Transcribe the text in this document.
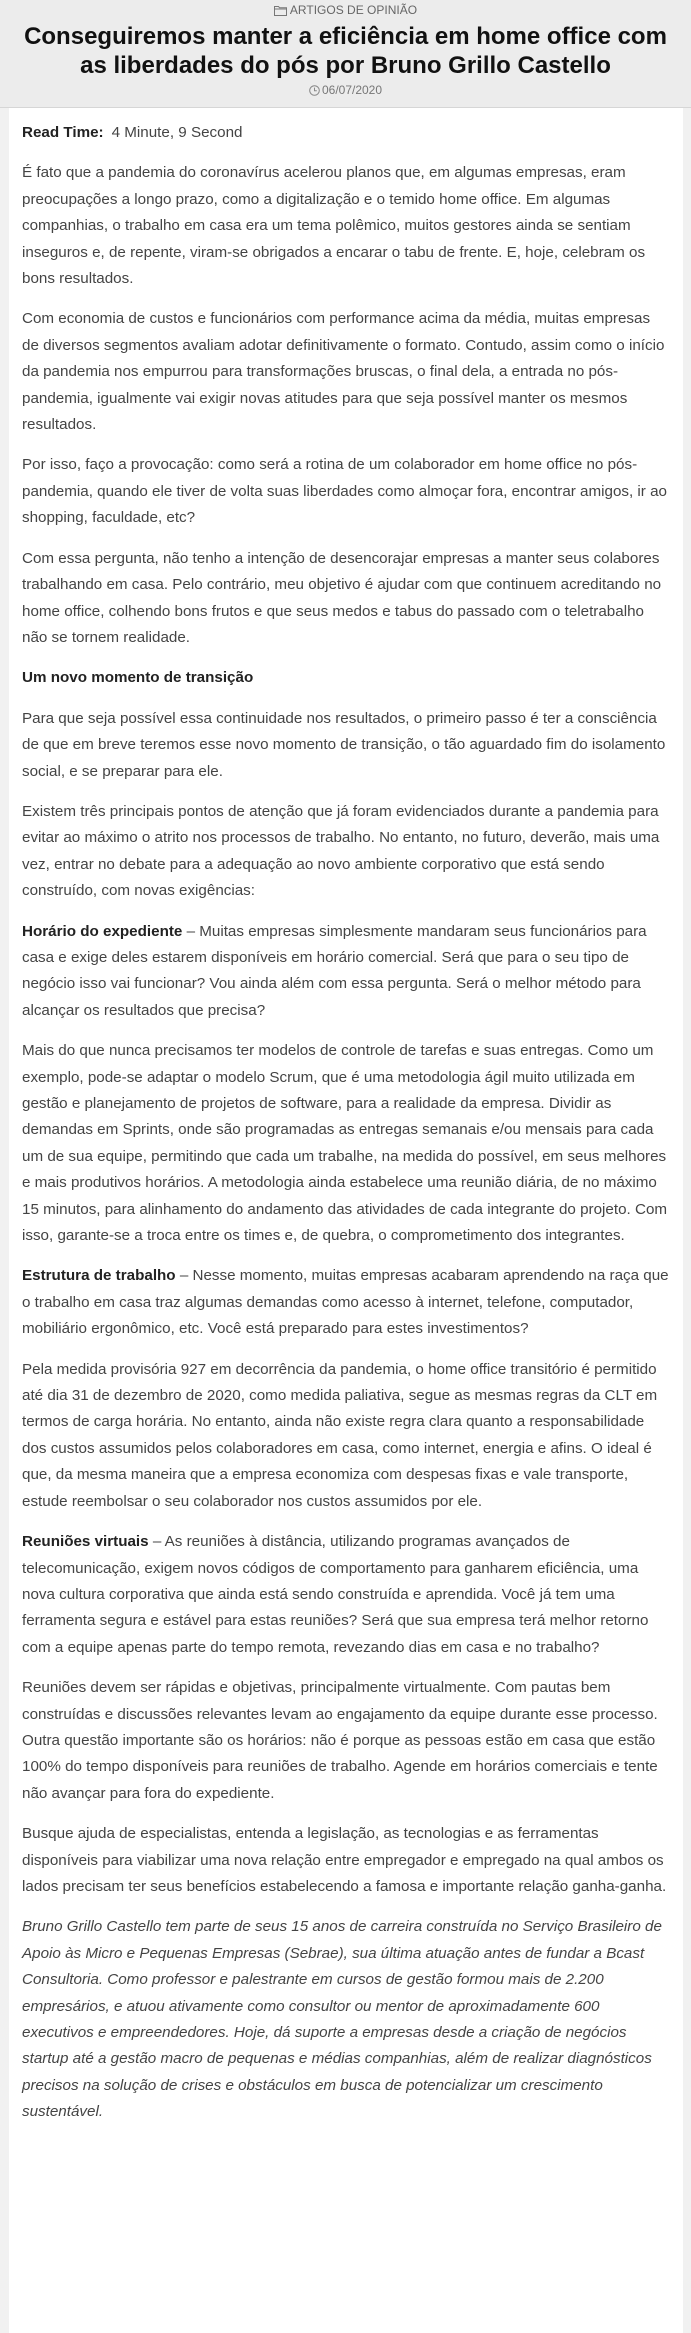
ARTIGOS DE OPINIÃO
Conseguiremos manter a eficiência em home office com as liberdades do pós por Bruno Grillo Castello
06/07/2020

Read Time: 4 Minute, 9 Second

É fato que a pandemia do coronavírus acelerou planos que, em algumas empresas, eram preocupações a longo prazo, como a digitalização e o temido home office. Em algumas companhias, o trabalho em casa era um tema polêmico, muitos gestores ainda se sentiam inseguros e, de repente, viram-se obrigados a encarar o tabu de frente. E, hoje, celebram os bons resultados.

Com economia de custos e funcionários com performance acima da média, muitas empresas de diversos segmentos avaliam adotar definitivamente o formato. Contudo, assim como o início da pandemia nos empurrou para transformações bruscas, o final dela, a entrada no pós-pandemia, igualmente vai exigir novas atitudes para que seja possível manter os mesmos resultados.

Por isso, faço a provocação: como será a rotina de um colaborador em home office no pós-pandemia, quando ele tiver de volta suas liberdades como almoçar fora, encontrar amigos, ir ao shopping, faculdade, etc?

Com essa pergunta, não tenho a intenção de desencorajar empresas a manter seus colabores trabalhando em casa. Pelo contrário, meu objetivo é ajudar com que continuem acreditando no home office, colhendo bons frutos e que seus medos e tabus do passado com o teletrabalho não se tornem realidade.

Um novo momento de transição

Para que seja possível essa continuidade nos resultados, o primeiro passo é ter a consciência de que em breve teremos esse novo momento de transição, o tão aguardado fim do isolamento social, e se preparar para ele.

Existem três principais pontos de atenção que já foram evidenciados durante a pandemia para evitar ao máximo o atrito nos processos de trabalho. No entanto, no futuro, deverão, mais uma vez, entrar no debate para a adequação ao novo ambiente corporativo que está sendo construído, com novas exigências:

Horário do expediente – Muitas empresas simplesmente mandaram seus funcionários para casa e exige deles estarem disponíveis em horário comercial. Será que para o seu tipo de negócio isso vai funcionar? Vou ainda além com essa pergunta. Será o melhor método para alcançar os resultados que precisa?

Mais do que nunca precisamos ter modelos de controle de tarefas e suas entregas. Como um exemplo, pode-se adaptar o modelo Scrum, que é uma metodologia ágil muito utilizada em gestão e planejamento de projetos de software, para a realidade da empresa. Dividir as demandas em Sprints, onde são programadas as entregas semanais e/ou mensais para cada um de sua equipe, permitindo que cada um trabalhe, na medida do possível, em seus melhores e mais produtivos horários. A metodologia ainda estabelece uma reunião diária, de no máximo 15 minutos, para alinhamento do andamento das atividades de cada integrante do projeto. Com isso, garante-se a troca entre os times e, de quebra, o comprometimento dos integrantes.

Estrutura de trabalho – Nesse momento, muitas empresas acabaram aprendendo na raça que o trabalho em casa traz algumas demandas como acesso à internet, telefone, computador, mobiliário ergonômico, etc. Você está preparado para estes investimentos?

Pela medida provisória 927 em decorrência da pandemia, o home office transitório é permitido até dia 31 de dezembro de 2020, como medida paliativa, segue as mesmas regras da CLT em termos de carga horária. No entanto, ainda não existe regra clara quanto a responsabilidade dos custos assumidos pelos colaboradores em casa, como internet, energia e afins. O ideal é que, da mesma maneira que a empresa economiza com despesas fixas e vale transporte, estude reembolsar o seu colaborador nos custos assumidos por ele.

Reuniões virtuais – As reuniões à distância, utilizando programas avançados de telecomunicação, exigem novos códigos de comportamento para ganharem eficiência, uma nova cultura corporativa que ainda está sendo construída e aprendida. Você já tem uma ferramenta segura e estável para estas reuniões? Será que sua empresa terá melhor retorno com a equipe apenas parte do tempo remota, revezando dias em casa e no trabalho?

Reuniões devem ser rápidas e objetivas, principalmente virtualmente. Com pautas bem construídas e discussões relevantes levam ao engajamento da equipe durante esse processo. Outra questão importante são os horários: não é porque as pessoas estão em casa que estão 100% do tempo disponíveis para reuniões de trabalho. Agende em horários comerciais e tente não avançar para fora do expediente.

Busque ajuda de especialistas, entenda a legislação, as tecnologias e as ferramentas disponíveis para viabilizar uma nova relação entre empregador e empregado na qual ambos os lados precisam ter seus benefícios estabelecendo a famosa e importante relação ganha-ganha.

Bruno Grillo Castello tem parte de seus 15 anos de carreira construída no Serviço Brasileiro de Apoio às Micro e Pequenas Empresas (Sebrae), sua última atuação antes de fundar a Bcast Consultoria. Como professor e palestrante em cursos de gestão formou mais de 2.200 empresários, e atuou ativamente como consultor ou mentor de aproximadamente 600 executivos e empreendedores. Hoje, dá suporte a empresas desde a criação de negócios startup até a gestão macro de pequenas e médias companhias, além de realizar diagnósticos precisos na solução de crises e obstáculos em busca de potencializar um crescimento sustentável.
